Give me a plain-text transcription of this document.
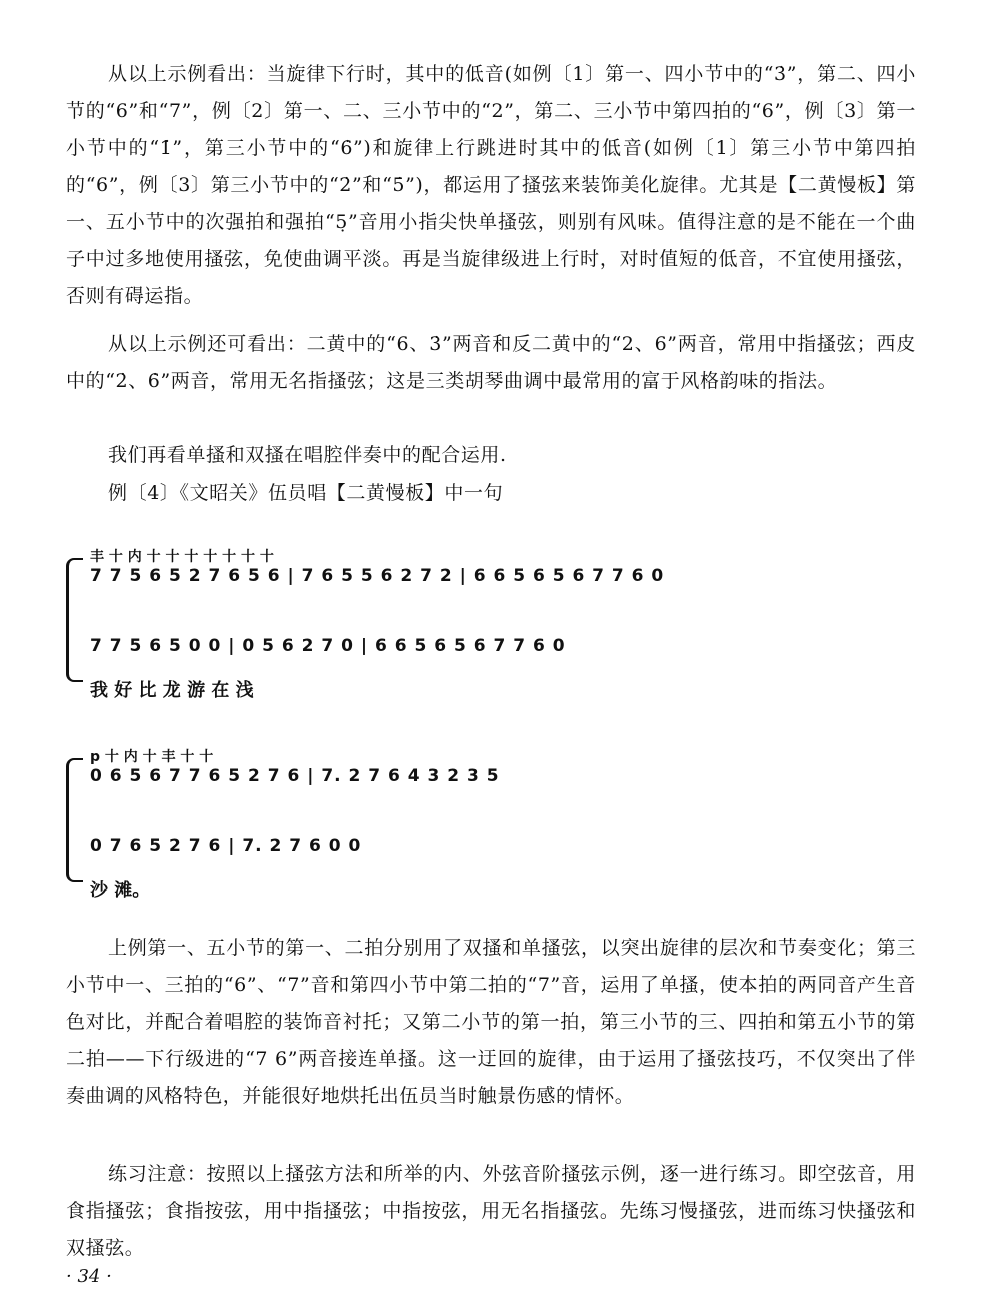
从以上示例看出：当旋律下行时，其中的低音(如例〔1〕第一、四小节中的“3̇”，第二、四小节的“6”和“7”，例〔2〕第一、二、三小节中的“2”，第二、三小节中第四拍的“6”，例〔3〕第一小节中的“1̇”，第三小节中的“6̇”)和旋律上行跳进时其中的低音(如例〔1〕第三小节中第四拍的“6”，例〔3〕第三小节中的“2̇”和“5̇”)，都运用了搔弦来装饰美化旋律。尤其是【二黄慢板】第一、五小节中的次强拍和强拍“5̣”音用小指尖快单搔弦，则别有风味。值得注意的是不能在一个曲子中过多地使用搔弦，免使曲调平淡。再是当旋律级进上行时，对时值短的低音，不宜使用搔弦，否则有碍运指。

从以上示例还可看出：二黄中的“6、3̇”两音和反二黄中的“2、6”两音，常用中指搔弦；西皮中的“2̇、6̇”两音，常用无名指搔弦；这是三类胡琴曲调中最常用的富于风格韵味的指法。

我们再看单搔和双搔在唱腔伴奏中的配合运用.
例〔4〕《文昭关》伍员唱【二黄慢板】中一句
丰 十 内 十 十 十 十 十 十 十
7 7 5 6 5 2 7 6 5 6 | 7 6 5 5 6 2 7 2 | 6 6 5 6 5 6 7 7 6 0
7 7 5 6 5 0 0 | 0 5 6 2 7 0 | 6 6 5 6 5 6 7 7 6 0
我 好 比 龙 游 在 浅
p 十 内 十 丰 十 十
0 6 5 6 7 7 6 5 2 7 6 | 7. 2 7 6 4 3 2 3 5
0 7 6 5 2 7 6 | 7. 2 7 6 0 0
沙 滩。

上例第一、五小节的第一、二拍分别用了双搔和单搔弦，以突出旋律的层次和节奏变化；第三小节中一、三拍的“6”、“7”音和第四小节中第二拍的“7”音，运用了单搔，使本拍的两同音产生音色对比，并配合着唱腔的装饰音衬托；又第二小节的第一拍，第三小节的三、四拍和第五小节的第二拍——下行级进的“7 6”两音接连单搔。这一迂回的旋律，由于运用了搔弦技巧，不仅突出了伴奏曲调的风格特色，并能很好地烘托出伍员当时触景伤感的情怀。

练习注意：按照以上搔弦方法和所举的内、外弦音阶搔弦示例，逐一进行练习。即空弦音，用食指搔弦；食指按弦，用中指搔弦；中指按弦，用无名指搔弦。先练习慢搔弦，进而练习快搔弦和双搔弦。

· 34 ·
